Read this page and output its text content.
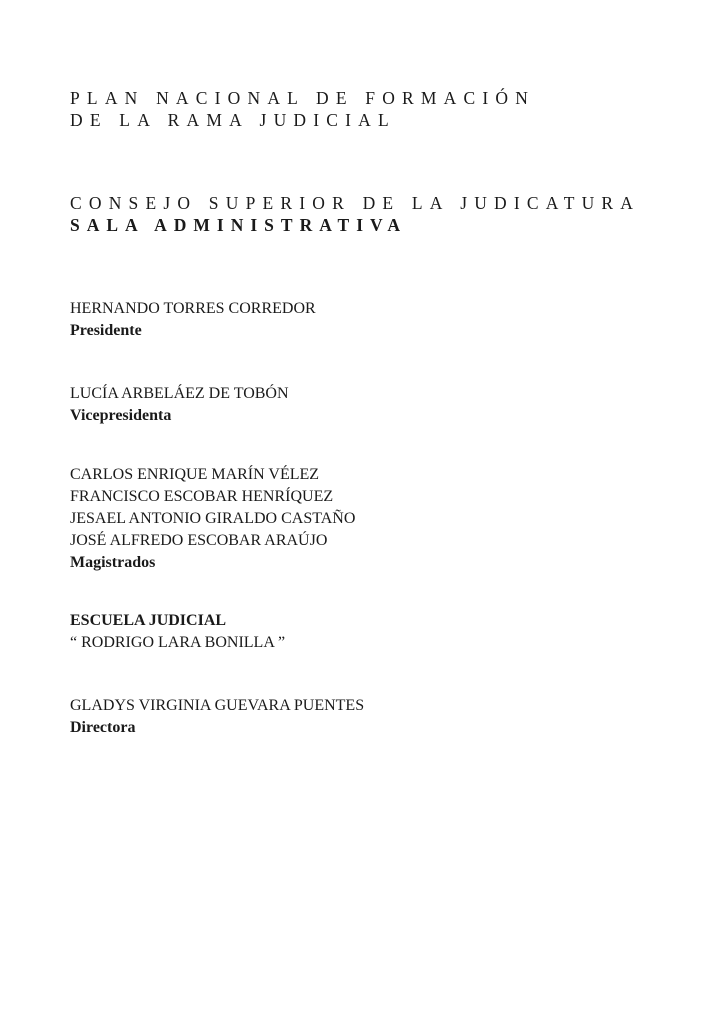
PLAN NACIONAL DE FORMACIÓN

DE LA RAMA JUDICIAL

CONSEJO SUPERIOR DE LA JUDICATURA

SALA ADMINISTRATIVA

HERNANDO TORRES CORREDOR

Presidente

LUCÍA ARBELÁEZ DE TOBÓN

Vicepresidenta

CARLOS ENRIQUE MARÍN VÉLEZ

FRANCISCO ESCOBAR HENRÍQUEZ

JESAEL ANTONIO GIRALDO CASTAÑO

JOSÉ ALFREDO ESCOBAR ARAÚJO

Magistrados

ESCUELA JUDICIAL

“ RODRIGO LARA BONILLA ”

GLADYS VIRGINIA GUEVARA PUENTES

Directora
